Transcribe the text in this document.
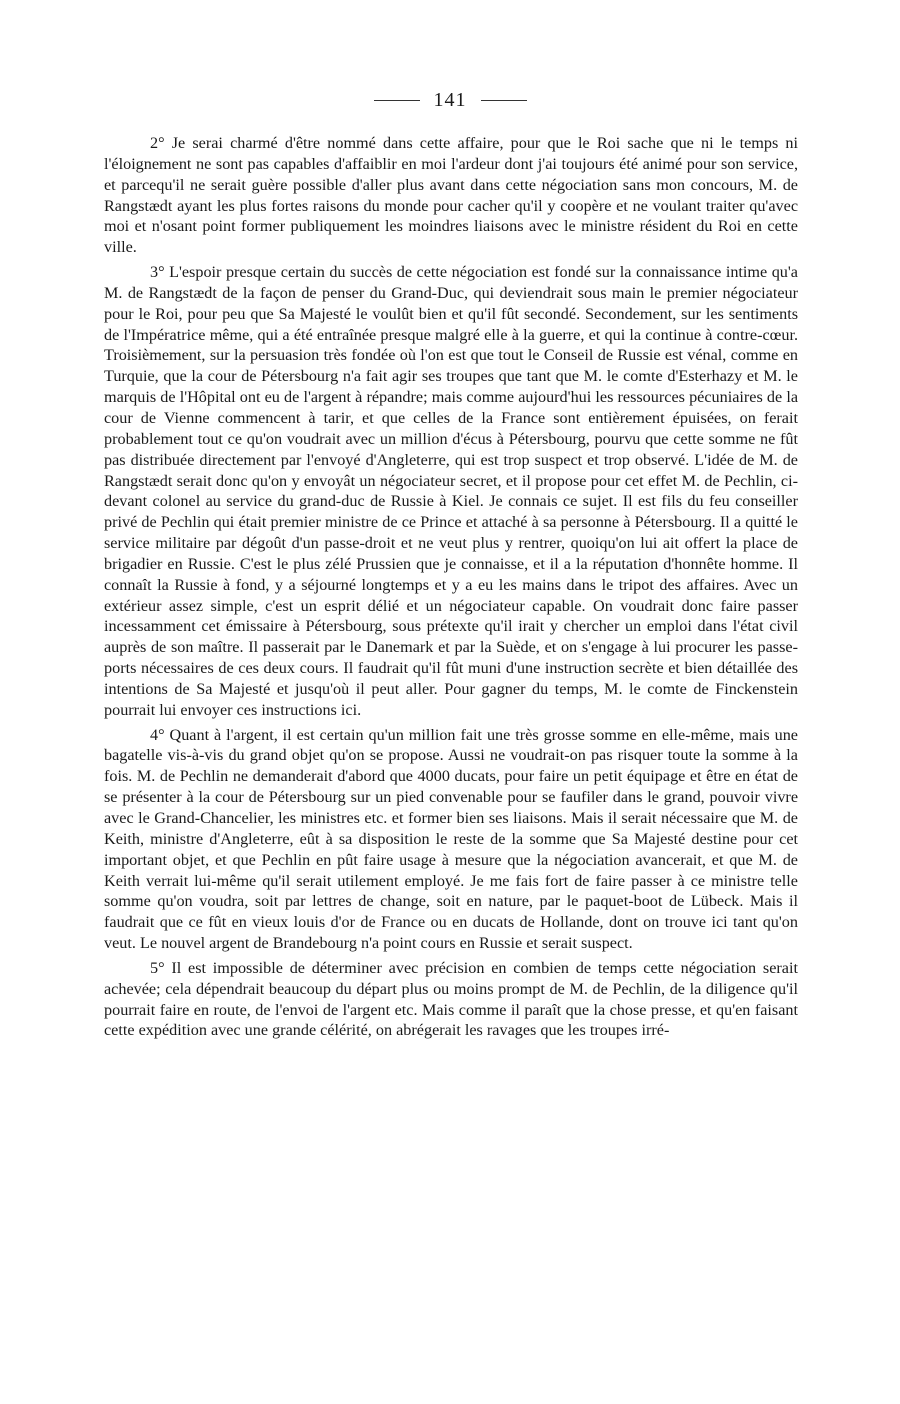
141

2° Je serai charmé d'être nommé dans cette affaire, pour que le Roi sache que ni le temps ni l'éloignement ne sont pas capables d'affaiblir en moi l'ardeur dont j'ai toujours été animé pour son service, et parcequ'il ne serait guère possible d'aller plus avant dans cette négociation sans mon concours, M. de Rangstædt ayant les plus fortes raisons du monde pour cacher qu'il y coopère et ne voulant traiter qu'avec moi et n'osant point former publiquement les moindres liaisons avec le ministre résident du Roi en cette ville.

3° L'espoir presque certain du succès de cette négociation est fondé sur la connaissance intime qu'a M. de Rangstædt de la façon de penser du Grand-Duc, qui deviendrait sous main le premier négociateur pour le Roi, pour peu que Sa Majesté le voulût bien et qu'il fût secondé. Secondement, sur les sentiments de l'Impératrice même, qui a été entraînée presque malgré elle à la guerre, et qui la continue à contre-cœur. Troisièmement, sur la persuasion très fondée où l'on est que tout le Conseil de Russie est vénal, comme en Turquie, que la cour de Pétersbourg n'a fait agir ses troupes que tant que M. le comte d'Esterhazy et M. le marquis de l'Hôpital ont eu de l'argent à répandre; mais comme aujourd'hui les ressources pécuniaires de la cour de Vienne commencent à tarir, et que celles de la France sont entièrement épuisées, on ferait probablement tout ce qu'on voudrait avec un million d'écus à Pétersbourg, pourvu que cette somme ne fût pas distribuée directement par l'envoyé d'Angleterre, qui est trop suspect et trop observé. L'idée de M. de Rangstædt serait donc qu'on y envoyât un négociateur secret, et il propose pour cet effet M. de Pechlin, ci-devant colonel au service du grand-duc de Russie à Kiel. Je connais ce sujet. Il est fils du feu conseiller privé de Pechlin qui était premier ministre de ce Prince et attaché à sa personne à Pétersbourg. Il a quitté le service militaire par dégoût d'un passe-droit et ne veut plus y rentrer, quoiqu'on lui ait offert la place de brigadier en Russie. C'est le plus zélé Prussien que je connaisse, et il a la réputation d'honnête homme. Il connaît la Russie à fond, y a séjourné longtemps et y a eu les mains dans le tripot des affaires. Avec un extérieur assez simple, c'est un esprit délié et un négociateur capable. On voudrait donc faire passer incessamment cet émissaire à Pétersbourg, sous prétexte qu'il irait y chercher un emploi dans l'état civil auprès de son maître. Il passerait par le Danemark et par la Suède, et on s'engage à lui procurer les passe-ports nécessaires de ces deux cours. Il faudrait qu'il fût muni d'une instruction secrète et bien détaillée des intentions de Sa Majesté et jusqu'où il peut aller. Pour gagner du temps, M. le comte de Finckenstein pourrait lui envoyer ces instructions ici.

4° Quant à l'argent, il est certain qu'un million fait une très grosse somme en elle-même, mais une bagatelle vis-à-vis du grand objet qu'on se propose. Aussi ne voudrait-on pas risquer toute la somme à la fois. M. de Pechlin ne demanderait d'abord que 4000 ducats, pour faire un petit équipage et être en état de se présenter à la cour de Pétersbourg sur un pied convenable pour se faufiler dans le grand, pouvoir vivre avec le Grand-Chancelier, les ministres etc. et former bien ses liaisons. Mais il serait nécessaire que M. de Keith, ministre d'Angleterre, eût à sa disposition le reste de la somme que Sa Majesté destine pour cet important objet, et que Pechlin en pût faire usage à mesure que la négociation avancerait, et que M. de Keith verrait lui-même qu'il serait utilement employé. Je me fais fort de faire passer à ce ministre telle somme qu'on voudra, soit par lettres de change, soit en nature, par le paquet-boot de Lübeck. Mais il faudrait que ce fût en vieux louis d'or de France ou en ducats de Hollande, dont on trouve ici tant qu'on veut. Le nouvel argent de Brandebourg n'a point cours en Russie et serait suspect.

5° Il est impossible de déterminer avec précision en combien de temps cette négociation serait achevée; cela dépendrait beaucoup du départ plus ou moins prompt de M. de Pechlin, de la diligence qu'il pourrait faire en route, de l'envoi de l'argent etc. Mais comme il paraît que la chose presse, et qu'en faisant cette expédition avec une grande célérité, on abrégerait les ravages que les troupes irré-
